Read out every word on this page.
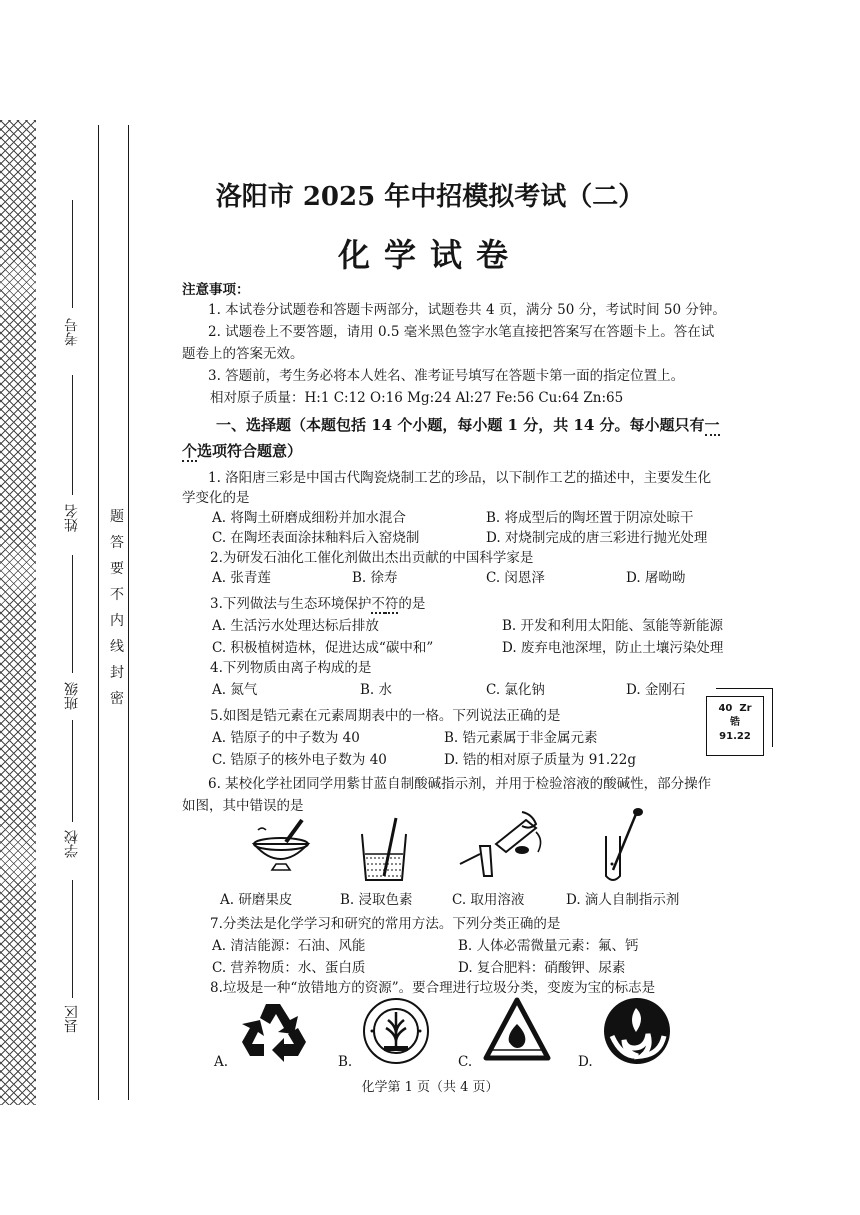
考号
姓名
班级
学校
县区
题
答
要
不
内
线
封
密
洛阳市 2025 年中招模拟考试（二）
化学试卷
注意事项：
1. 本试卷分试题卷和答题卡两部分，试题卷共 4 页，满分 50 分，考试时间 50 分钟。
2. 试题卷上不要答题，请用 0.5 毫米黑色签字水笔直接把答案写在答题卡上。答在试
题卷上的答案无效。
3. 答题前，考生务必将本人姓名、准考证号填写在答题卡第一面的指定位置上。
相对原子质量：H:1 C:12 O:16 Mg:24 Al:27 Fe:56 Cu:64 Zn:65
一、选择题（本题包括 14 个小题，每小题 1 分，共 14 分。每小题只有一
个选项符合题意）
1. 洛阳唐三彩是中国古代陶瓷烧制工艺的珍品，以下制作工艺的描述中，主要发生化
学变化的是
A. 将陶土研磨成细粉并加水混合	B. 将成型后的陶坯置于阴凉处晾干
C. 在陶坯表面涂抹釉料后入窑烧制	D. 对烧制完成的唐三彩进行抛光处理
2.为研发石油化工催化剂做出杰出贡献的中国科学家是
A. 张青莲	B. 徐寿	C. 闵恩泽	D. 屠呦呦
3.下列做法与生态环境保护不符的是
A. 生活污水处理达标后排放	B. 开发和利用太阳能、氢能等新能源
C. 积极植树造林，促进达成“碳中和”	D. 废弃电池深埋，防止土壤污染处理
4.下列物质由离子构成的是
A. 氮气	B. 水	C. 氯化钠	D. 金刚石
5.如图是锆元素在元素周期表中的一格。下列说法正确的是
A. 锆原子的中子数为 40	B. 锆元素属于非金属元素
C. 锆原子的核外电子数为 40	D. 锆的相对原子质量为 91.22g
40 Zr
锆
91.22
6. 某校化学社团同学用紫甘蓝自制酸碱指示剂，并用于检验溶液的酸碱性，部分操作
如图，其中错误的是
A. 研磨果皮	B. 浸取色素	C. 取用溶液	D. 滴人自制指示剂
7.分类法是化学学习和研究的常用方法。下列分类正确的是
A. 清洁能源：石油、风能	B. 人体必需微量元素：氟、钙
C. 营养物质：水、蛋白质	D. 复合肥料：硝酸钾、尿素
8.垃圾是一种“放错地方的资源”。要合理进行垃圾分类，变废为宝的标志是
A.	B.	C.	D.
化学第 1 页（共 4 页）
